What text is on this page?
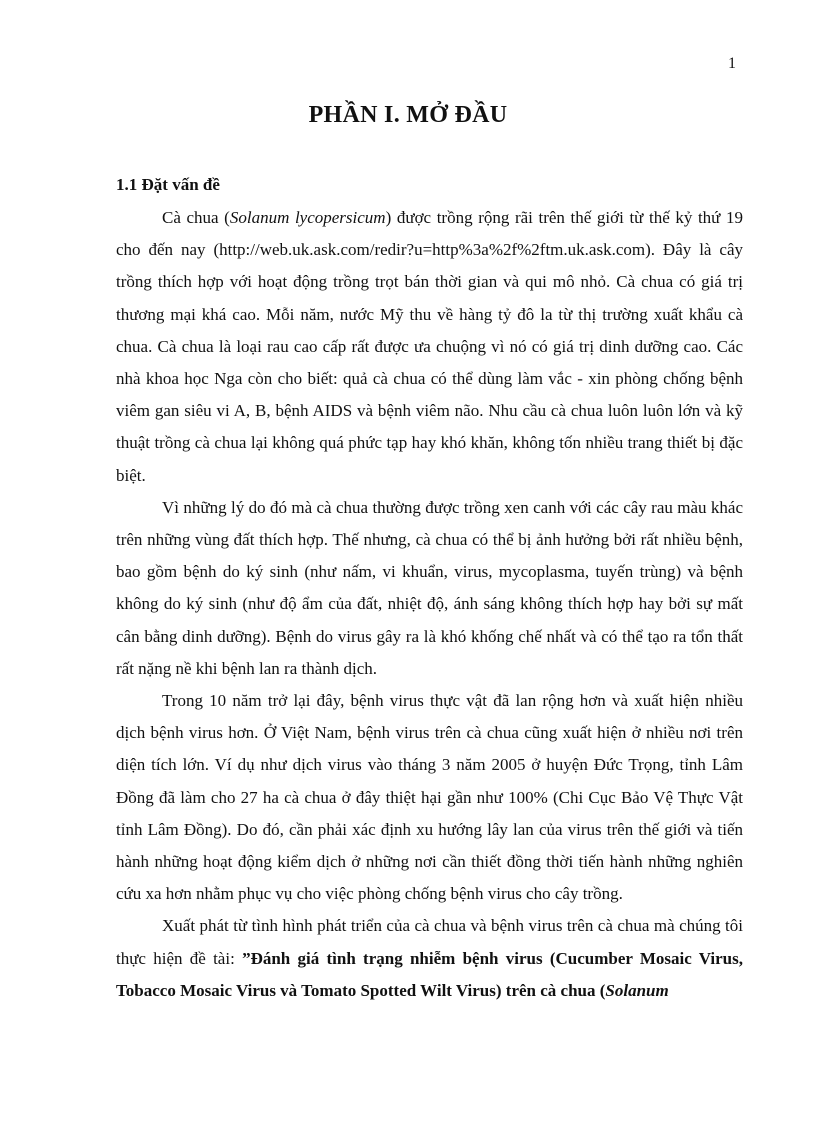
1
PHẦN I. MỞ ĐẦU
1.1 Đặt vấn đề

Cà chua (Solanum lycopersicum) được trồng rộng rãi trên thế giới từ thế kỷ thứ 19 cho đến nay (http://web.uk.ask.com/redir?u=http%3a%2f%2ftm.uk.ask.com). Đây là cây trồng thích hợp với hoạt động trồng trọt bán thời gian và qui mô nhỏ. Cà chua có giá trị thương mại khá cao. Mỗi năm, nước Mỹ thu về hàng tỷ đô la từ thị trường xuất khẩu cà chua. Cà chua là loại rau cao cấp rất được ưa chuộng vì nó có giá trị dinh dưỡng cao. Các nhà khoa học Nga còn cho biết: quả cà chua có thể dùng làm vắc - xin phòng chống bệnh viêm gan siêu vi A, B, bệnh AIDS và bệnh viêm não. Nhu cầu cà chua luôn luôn lớn và kỹ thuật trồng cà chua lại không quá phức tạp hay khó khăn, không tốn nhiều trang thiết bị đặc biệt.

Vì những lý do đó mà cà chua thường được trồng xen canh với các cây rau màu khác trên những vùng đất thích hợp. Thế nhưng, cà chua có thể bị ảnh hưởng bởi rất nhiều bệnh, bao gồm bệnh do ký sinh (như nấm, vi khuẩn, virus, mycoplasma, tuyến trùng) và bệnh không do ký sinh (như độ ẩm của đất, nhiệt độ, ánh sáng không thích hợp hay bởi sự mất cân bằng dinh dưỡng). Bệnh do virus gây ra là khó khống chế nhất và có thể tạo ra tổn thất rất nặng nề khi bệnh lan ra thành dịch.

Trong 10 năm trở lại đây, bệnh virus thực vật đã lan rộng hơn và xuất hiện nhiều dịch bệnh virus hơn. Ở Việt Nam, bệnh virus trên cà chua cũng xuất hiện ở nhiều nơi trên diện tích lớn. Ví dụ như dịch virus vào tháng 3 năm 2005 ở huyện Đức Trọng, tỉnh Lâm Đồng đã làm cho 27 ha cà chua ở đây thiệt hại gần như 100% (Chi Cục Bảo Vệ Thực Vật tỉnh Lâm Đồng). Do đó, cần phải xác định xu hướng lây lan của virus trên thế giới và tiến hành những hoạt động kiểm dịch ở những nơi cần thiết đồng thời tiến hành những nghiên cứu xa hơn nhằm phục vụ cho việc phòng chống bệnh virus cho cây trồng.

Xuất phát từ tình hình phát triển của cà chua và bệnh virus trên cà chua mà chúng tôi thực hiện đề tài: ”Đánh giá tình trạng nhiễm bệnh virus (Cucumber Mosaic Virus, Tobacco Mosaic Virus và Tomato Spotted Wilt Virus) trên cà chua (Solanum
